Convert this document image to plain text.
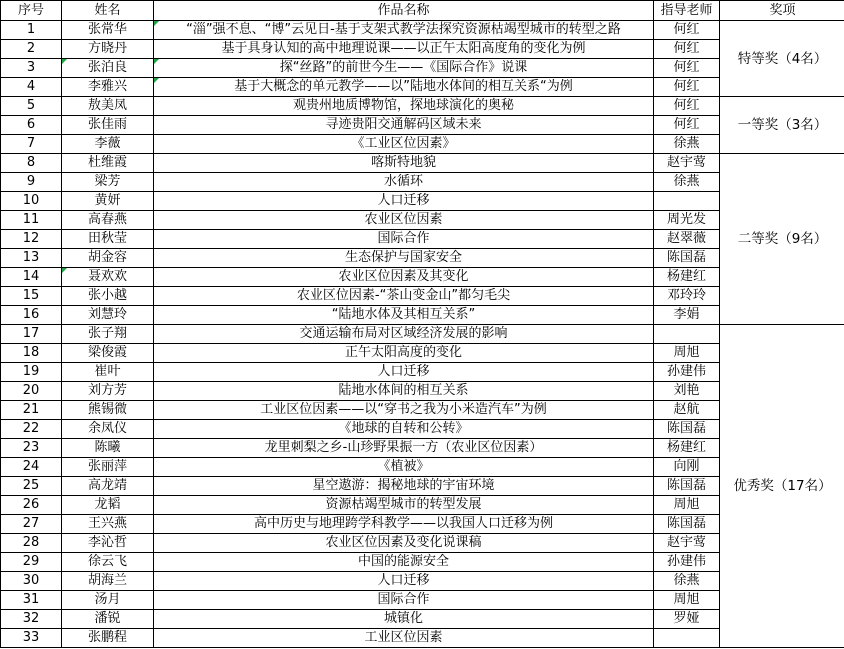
序号	姓名	作品名称	指导老师	奖项
1	张常华	“淄”强不息、“博”云见日-基于支架式教学法探究资源枯竭型城市的转型之路	何红	特等奖（4名）
2	方晓丹	基于具身认知的高中地理说课——以正午太阳高度角的变化为例	何红	
3	张泊良	探“丝路”的前世今生——《国际合作》说课	何红	
4	李雅兴	基于大概念的单元教学——以”陆地水体间的相互关系“为例	何红	
5	敖美凤	观贵州地质博物馆，探地球演化的奥秘	何红	一等奖（3名）
6	张佳雨	寻迹贵阳交通解码区域未来	何红	
7	李薇	《工业区位因素》	徐燕	
8	杜维霞	喀斯特地貌	赵宇莺	二等奖（9名）
9	梁芳	水循环	徐燕	
10	黄妍	人口迁移		
11	高春燕	农业区位因素	周光发	
12	田秋莹	国际合作	赵翠薇	
13	胡金容	生态保护与国家安全	陈国磊	
14	聂欢欢	农业区位因素及其变化	杨建红	
15	张小越	农业区位因素-“茶山变金山”都匀毛尖	邓玲玲	
16	刘慧玲	“陆地水体及其相互关系”	李娟	
17	张子翔	交通运输布局对区域经济发展的影响		优秀奖（17名）
18	梁俊霞	正午太阳高度的变化	周旭	
19	崔叶	人口迁移	孙建伟	
20	刘方芳	陆地水体间的相互关系	刘艳	
21	熊锡微	工业区位因素——以“穿书之我为小米造汽车”为例	赵航	
22	余凤仪	《地球的自转和公转》	陈国磊	
23	陈曦	龙里刺梨之乡-山珍野果振一方（农业区位因素）	杨建红	
24	张丽萍	《植被》	向刚	
25	高龙靖	星空遨游：揭秘地球的宇宙环境	陈国磊	
26	龙韬	资源枯竭型城市的转型发展	周旭	
27	王兴燕	高中历史与地理跨学科教学——以我国人口迁移为例	陈国磊	
28	李沁哲	农业区位因素及变化说课稿	赵宇莺	
29	徐云飞	中国的能源安全	孙建伟	
30	胡海兰	人口迁移	徐燕	
31	汤月	国际合作	周旭	
32	潘锐	城镇化	罗娅	
33	张鹏程	工业区位因素		
